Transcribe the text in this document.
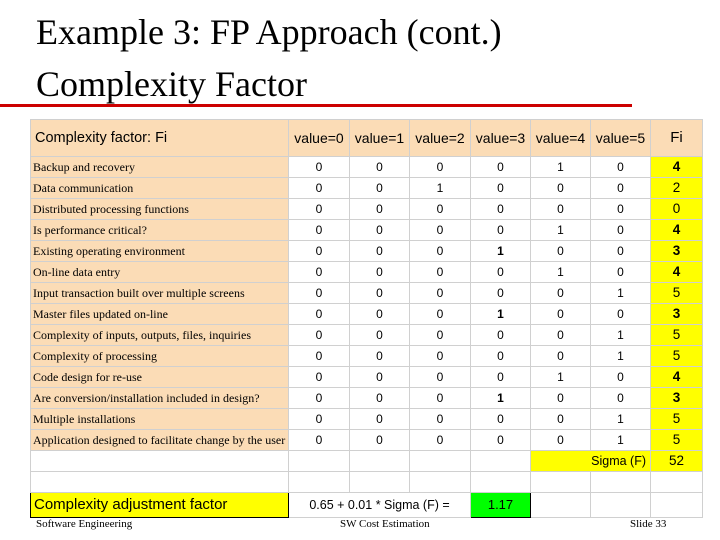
Example 3: FP Approach (cont.)
Complexity Factor
Complexity factor: Fi	value=0	value=1	value=2	value=3	value=4	value=5	Fi
Backup and recovery	0	0	0	0	1	0	4
Data communication	0	0	1	0	0	0	2
Distributed processing functions	0	0	0	0	0	0	0
Is performance critical?	0	0	0	0	1	0	4
Existing operating environment	0	0	0	1	0	0	3
On-line data entry	0	0	0	0	1	0	4
Input transaction built over multiple screens	0	0	0	0	0	1	5
Master files updated on-line	0	0	0	1	0	0	3
Complexity of inputs, outputs, files, inquiries	0	0	0	0	0	1	5
Complexity of processing	0	0	0	0	0	1	5
Code design for re-use	0	0	0	0	1	0	4
Are conversion/installation included in design?	0	0	0	1	0	0	3
Multiple installations	0	0	0	0	0	1	5
Application designed to facilitate change by the user	0	0	0	0	0	1	5
					Sigma (F)		52

Complexity adjustment factor	0.65 + 0.01 * Sigma (F) =			1.17			
Software Engineering	SW Cost Estimation	Slide 33
